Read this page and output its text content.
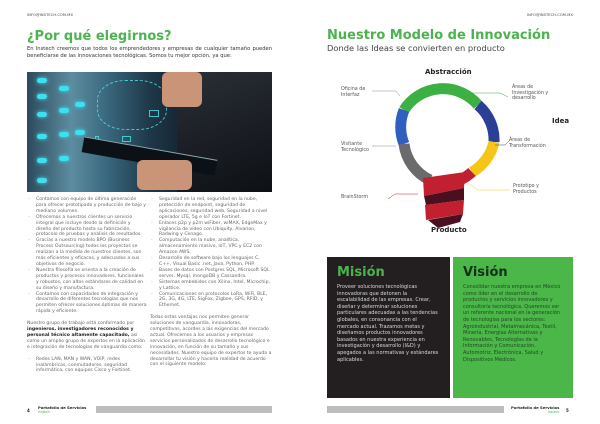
INFO@INSTECH.COM.MX
¿Por qué elegirnos?
En Instech creemos que todos los emprendedores y empresas de cualquier tamaño pueden beneficiarse de las innovaciones tecnológicas. Somos tu mejor opción, ya que:
- Contamos con equipo de última generación para ofrecer prototipado y producción de bajo y mediano volumen.
- Ofrecemos a nuestros clientes un servicio integral que incluye desde la definición y diseño del producto hasta su fabricación, protocolo de pruebas y análisis de resultados.
- Gracias a nuestro modelo BPO (Business Process Outsourcing) todos los proyectos se realizan a la medida de nuestros clientes, son más eficientes y eficaces, y adecuados a sus objetivos de negocio.
- Nuestra filosofía se orienta a la creación de productos y procesos innovadores, funcionales y robustos, con altos estándares de calidad en su diseño y manufactura.
- Contamos con capacidades de integración y desarrollo de diferentes tecnologías que nos permiten ofrecer soluciones óptimas de manera rápida y eficiente.

Nuestro grupo de trabajo está conformado por ingenieros, investigadores reconocidos y personal técnico altamente capacitado, así como un amplio grupo de expertos en la aplicación e integración de tecnologías de vanguardia como:

- Redes LAN, MAN y WAN, VOIP, redes inalámbricas, conmutadores, seguridad informática, con equipos Cisco y Fortinet.
- Seguridad en la red, seguridad en la nube, protección de endpoint, seguridad de aplicaciones, seguridad web, Seguridad a nivel operador LTE, 5g e IoT con Fortinet.
- Enlaces p2p y p2m wiFiber, wiMAX, EdgeMax y vigilancia de video con Ubiquity, Alvarion, Radwing y Cenago.
- Computación en la nube, analítica, almacenamiento masivo, IoT, VPC y EC2 con Amazon AWS.
- Desarrollo de software bajo los lenguajes C, C++, Visual Basic .net, Java, Python, PHP.
- Bases de datos con Postgres SQL, Microsoft SQL server, Mysql, mongoDB y Cassandra.
- Sistemas embebidos con Xilinx, Intel, Microchip, y Lattice.
- Comunicaciones en protocolos LoRa, WiFi, BLE, 2G, 3G, 4G, LTE, SigFox, Zigbee, GPS, RFID, y Ethernet.

Todas estas ventajas nos permiten generar soluciones de vanguardia, innovadoras, competitivas, acordes a las exigencias del mercado actual. Ofrecemos a los usuarios y empresas servicios personalizados de desarrollo tecnológico e innovación, en función de su tamaño y sus necesidades. Nuestro equipo de expertos te ayuda a desarrollar tu visión y hacerla realidad de acuerdo con el siguiente modelo:

4
Portafolio de Servicios
Instech
INFO@INSTECH.COM.MX
Nuestro Modelo de Innovación
Donde las Ideas se convierten en producto
Abstracción
Idea
Producto
Oficina de Interfaz
Áreas de Investigación y desarrollo
Áreas de Transformación
Visitante Tecnológico
Prototipo y Productos
BrainStorm
Misión

Proveer soluciones tecnológicas innovadoras que detonen la escalabilidad de las empresas. Crear, diseñar y determinar soluciones particulares adecuadas a las tendencias globales, en consonancia con el mercado actual. Trazamos metas y diseñamos productos innovadores basados en nuestra experiencia en investigación y desarrollo (I&D) y apegados a las normativas y estándares aplicables.

Visión

Consolidar nuestra empresa en México como líder en el desarrollo de productos y servicios innovadores y consultoría tecnológica. Queremos ser un referente nacional en la generación de tecnologías para los sectores: Agroindustrial, Metalmecánica, Textil, Minería, Energías Alternativas y Renovables, Tecnologías de la Información y Comunicación, Automotriz, Electrónica, Salud y Dispositivos Médicos.

Portafolio de Servicios
Instech 5
